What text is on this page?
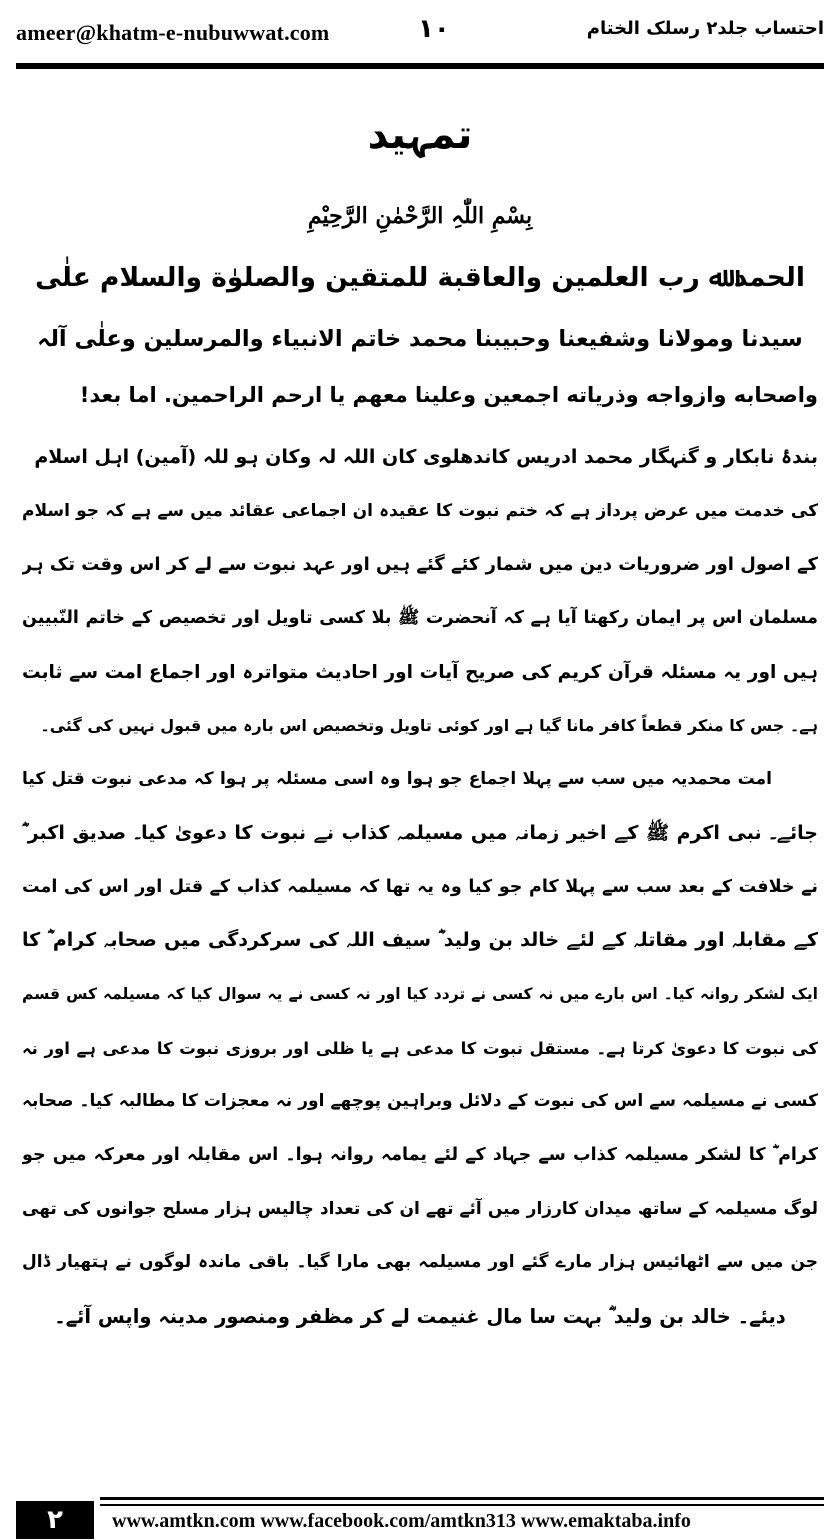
ameer@khatm-e-nubuwwat.com	۱۰	احتساب جلد۲ رسلک الختام
تمہید
بِسْمِ اللّٰہِ الرَّحْمٰنِ الرَّحِیْمِ
الحمد ﷲ رب العلمین والعاقبة للمتقین والصلوٰة والسلام علٰی
سیدنا ومولانا وشفیعنا وحبیبنا محمد خاتم الانبیاء والمرسلین وعلٰی آلہ
واصحابه وازواجه وذریاته اجمعین وعلینا معهم یا ارحم الراحمین. اما بعد!
بندۂ نابکار و گنہگار محمد ادریس کاندھلوی کان اللہ لہ وکان ہو للہ (آمین) اہل اسلام
کی خدمت میں عرض پرداز ہے کہ ختم نبوت کا عقیدہ ان اجماعی عقائد میں سے ہے کہ جو اسلام
کے اصول اور ضروریات دین میں شمار کئے گئے ہیں اور عہد نبوت سے لے کر اس وقت تک ہر
مسلمان اس پر ایمان رکھتا آیا ہے کہ آنحضرت ﷺ بلا کسی تاویل اور تخصیص کے خاتم النّبیین
ہیں اور یہ مسئلہ قرآن کریم کی صریح آیات اور احادیث متواترہ اور اجماع امت سے ثابت
ہے۔ جس کا منکر قطعاً کافر مانا گیا ہے اور کوئی تاویل وتخصیص اس بارہ میں قبول نہیں کی گئی۔
امت محمدیہ میں سب سے پہلا اجماع جو ہوا وہ اسی مسئلہ پر ہوا کہ مدعی نبوت قتل کیا
جائے۔ نبی اکرم ﷺ کے اخیر زمانہ میں مسیلمہ کذاب نے نبوت کا دعویٰ کیا۔ صدیق اکبر ؓ
نے خلافت کے بعد سب سے پہلا کام جو کیا وہ یہ تھا کہ مسیلمہ کذاب کے قتل اور اس کی امت
کے مقابلہ اور مقاتلہ کے لئے خالد بن ولید ؓ سیف اللہ کی سرکردگی میں صحابہ کرام ؓ کا
ایک لشکر روانہ کیا۔ اس بارے میں نہ کسی نے تردد کیا اور نہ کسی نے یہ سوال کیا کہ مسیلمہ کس قسم
کی نبوت کا دعویٰ کرتا ہے۔ مستقل نبوت کا مدعی ہے یا ظلی اور بروزی نبوت کا مدعی ہے اور نہ
کسی نے مسیلمہ سے اس کی نبوت کے دلائل وبراہین پوچھے اور نہ معجزات کا مطالبہ کیا۔ صحابہ
کرام ؓ کا لشکر مسیلمہ کذاب سے جہاد کے لئے یمامہ روانہ ہوا۔ اس مقابلہ اور معرکہ میں جو
لوگ مسیلمہ کے ساتھ میدان کارزار میں آئے تھے ان کی تعداد چالیس ہزار مسلح جوانوں کی تھی
جن میں سے اٹھائیس ہزار مارے گئے اور مسیلمہ بھی مارا گیا۔ باقی ماندہ لوگوں نے ہتھیار ڈال
دیئے۔ خالد بن ولید ؓ بہت سا مال غنیمت لے کر مظفر ومنصور مدینہ واپس آئے۔
۲	www.amtkn.com www.facebook.com/amtkn313 www.emaktaba.info
